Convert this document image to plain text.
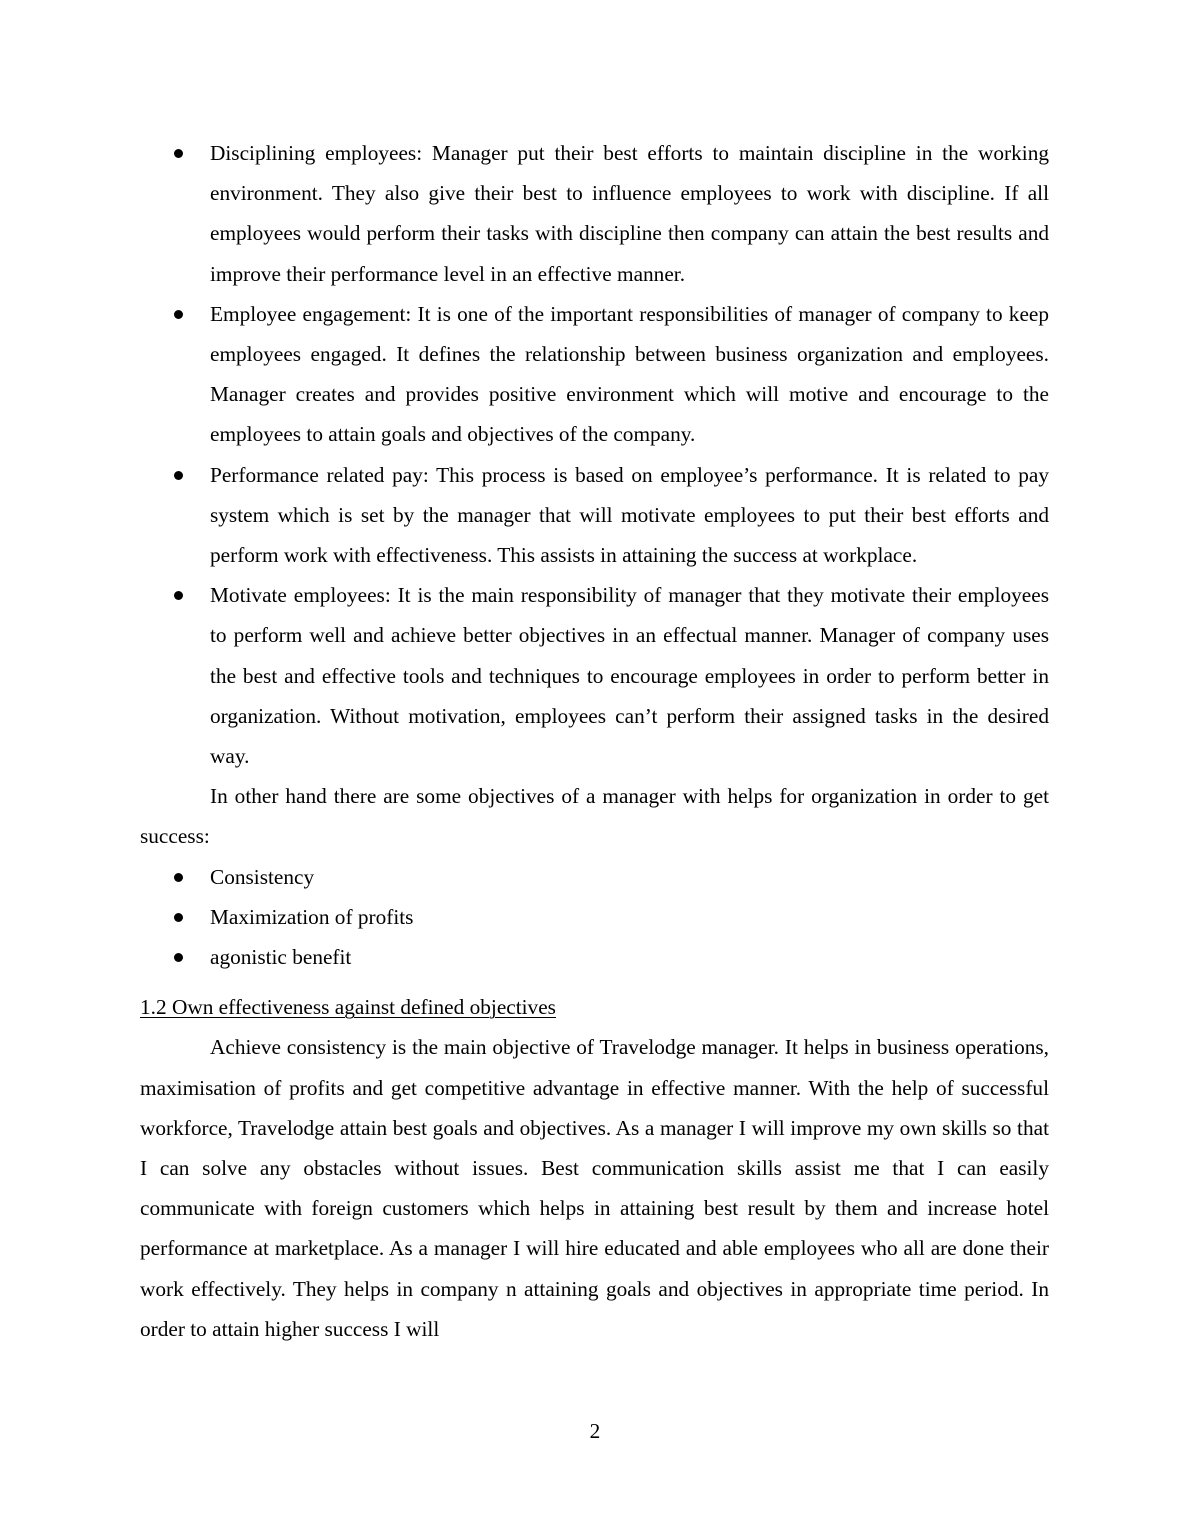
Disciplining employees: Manager put their best efforts to maintain discipline in the working environment. They also give their best to influence employees to work with discipline. If all employees would perform their tasks with discipline then company can attain the best results and improve their performance level in an effective manner.
Employee engagement: It is one of the important responsibilities of manager of company to keep employees engaged. It defines the relationship between business organization and employees. Manager creates and provides positive environment which will motive and encourage to the employees to attain goals and objectives of the company.
Performance related pay: This process is based on employee’s performance. It is related to pay system which is set by the manager that will motivate employees to put their best efforts and perform work with effectiveness. This assists in attaining the success at workplace.
Motivate employees: It is the main responsibility of manager that they motivate their employees to perform well and achieve better objectives in an effectual manner. Manager of company uses the best and effective tools and techniques to encourage employees in order to perform better in organization. Without motivation, employees can’t perform their assigned tasks in the desired way.

In other hand there are some objectives of a manager with helps for organization in order to get success:

Consistency
Maximization of profits
agonistic benefit
1.2 Own effectiveness against defined objectives

Achieve consistency is the main objective of Travelodge manager. It helps in business operations, maximisation of profits and get competitive advantage in effective manner. With the help of successful workforce, Travelodge attain best goals and objectives. As a manager I will improve my own skills so that I can solve any obstacles without issues. Best communication skills assist me that I can easily communicate with foreign customers which helps in attaining best result by them and increase hotel performance at marketplace. As a manager I will hire educated and able employees who all are done their work effectively. They helps in company n attaining goals and objectives in appropriate time period. In order to attain higher success I will

2
